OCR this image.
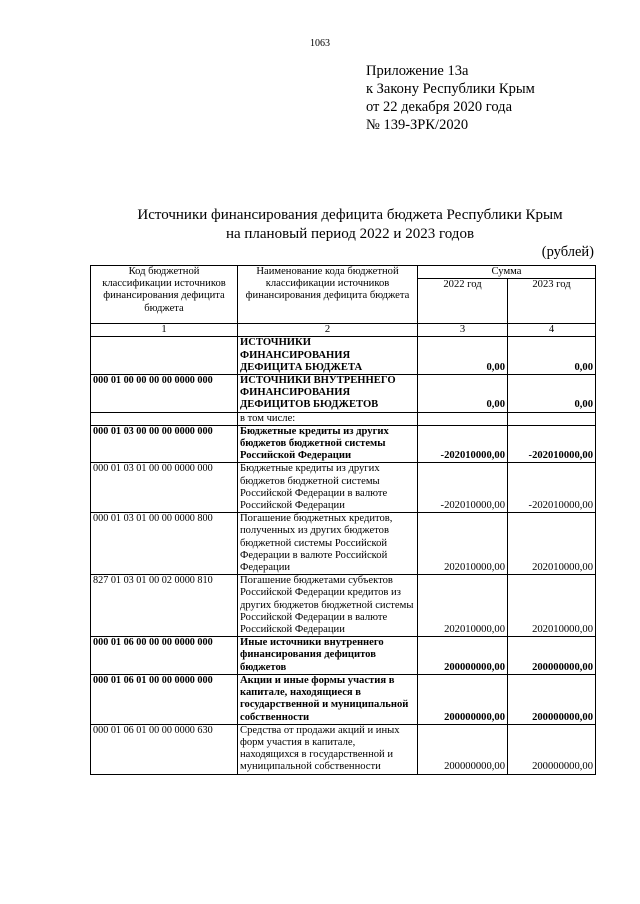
1063
Приложение 13а
к Закону Республики Крым
от 22 декабря 2020 года
№ 139-ЗРК/2020
Источники финансирования дефицита бюджета Республики Крым
на плановый период 2022 и 2023 годов
(рублей)
Код бюджетной классификации источников финансирования дефицита бюджета	Наименование кода бюджетной классификации источников финансирования дефицита бюджета	Сумма	
		2022 год	2023 год
1	2	3	4
	ИСТОЧНИКИ ФИНАНСИРОВАНИЯ ДЕФИЦИТА БЮДЖЕТА	0,00	0,00
000 01 00 00 00 00 0000 000	ИСТОЧНИКИ ВНУТРЕННЕГО ФИНАНСИРОВАНИЯ ДЕФИЦИТОВ БЮДЖЕТОВ	0,00	0,00
	в том числе:		
000 01 03 00 00 00 0000 000	Бюджетные кредиты из других бюджетов бюджетной системы Российской Федерации	-202010000,00	-202010000,00
000 01 03 01 00 00 0000 000	Бюджетные кредиты из других бюджетов бюджетной системы Российской Федерации в валюте Российской Федерации	-202010000,00	-202010000,00
000 01 03 01 00 00 0000 800	Погашение бюджетных кредитов, полученных из других бюджетов бюджетной системы Российской Федерации в валюте Российской Федерации	202010000,00	202010000,00
827 01 03 01 00 02 0000 810	Погашение бюджетами субъектов Российской Федерации кредитов из других бюджетов бюджетной системы Российской Федерации в валюте Российской Федерации	202010000,00	202010000,00
000 01 06 00 00 00 0000 000	Иные источники внутреннего финансирования дефицитов бюджетов	200000000,00	200000000,00
000 01 06 01 00 00 0000 000	Акции и иные формы участия в капитале, находящиеся в государственной и муниципальной собственности	200000000,00	200000000,00
000 01 06 01 00 00 0000 630	Средства от продажи акций и иных форм участия в капитале, находящихся в государственной и муниципальной собственности	200000000,00	200000000,00
